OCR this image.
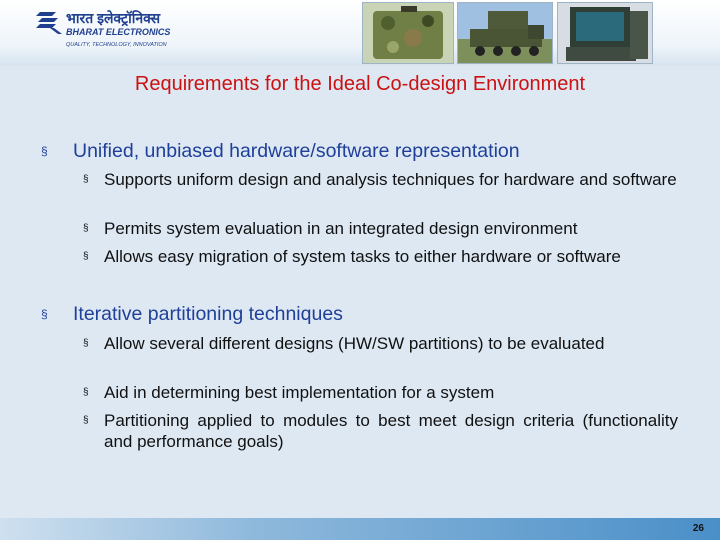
भारत इलेक्ट्रॉनिक्स
BHARAT ELECTRONICS
QUALITY, TECHNOLOGY, INNOVATION
Requirements for the Ideal Co-design Environment
§ Unified, unbiased hardware/software representation
§ Supports uniform design and analysis techniques for hardware and software
§ Permits system evaluation in an integrated design environment
§ Allows easy migration of system tasks to either hardware or software
§ Iterative partitioning techniques
§ Allow several different designs (HW/SW partitions) to be evaluated
§ Aid in determining best implementation for a system
§ Partitioning applied to modules to best meet design criteria (functionality and performance goals)
26
